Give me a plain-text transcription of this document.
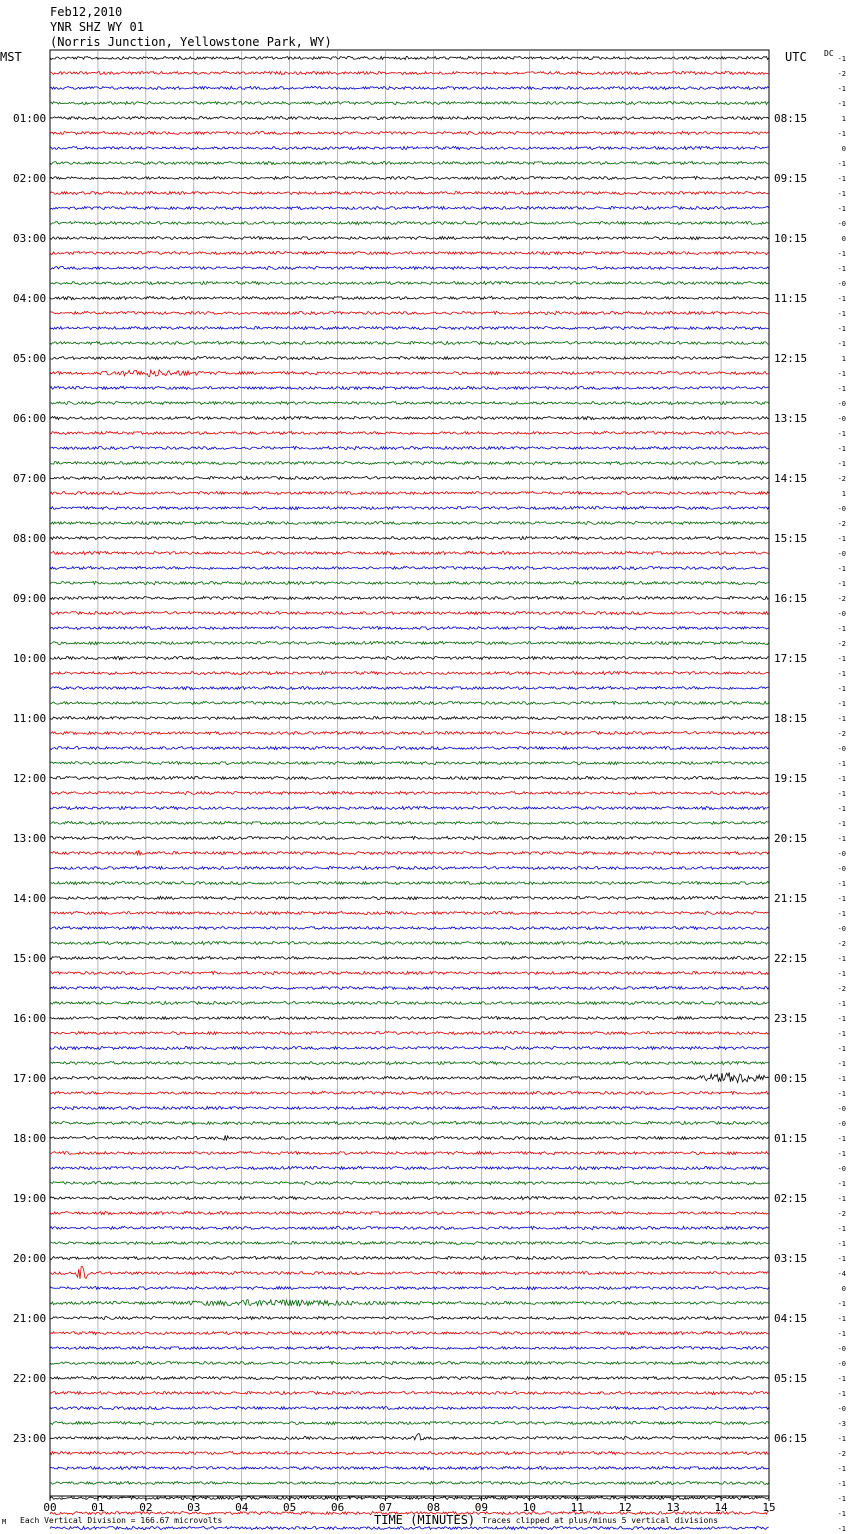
Feb12,2010
YNR SHZ WY 01
(Norris Junction, Yellowstone Park, WY)
MST	UTC DC
01:00
02:00
03:00
04:00
05:00
06:00
07:00
08:00
09:00
10:00
11:00
12:00
13:00
14:00
15:00
16:00
17:00
18:00
19:00
20:00
21:00
22:00
23:00
08:15
09:15
10:15
11:15
12:15
13:15
14:15
15:15
16:15
17:15
18:15
19:15
20:15
21:15
22:15
23:15
00:15
01:15
02:15
03:15
04:15
05:15
06:15
-1
-2
-1
-1
1
-1
0
-1
-1
-1
-1
-0
0
-1
-1
-0
-1
-1
-1
-1
1
-1
-1
-0
-0
-1
-1
-1
-2
1
-0
-2
-1
-0
-1
-1
-2
-0
-1
-2
-1
-1
-1
-1
-1
-2
-0
-1
-1
-1
-1
-1
-1
-0
-0
-1
-1
-1
-0
-2
-1
-1
-2
-1
-1
-1
-1
-1
-1
-1
-0
-0
-1
-1
-0
-1
-1
-2
-1
-1
-1
-4
0
-1
-1
-1
-0
-0
-1
-1
-0
-3
-1
-2
-1
-1
-1
-1
-1
00	01	02	03	04	05	06	07	08	09	10	11	12	13	14	15
M Each Vertical Division = 166.67 microvolts	TIME (MINUTES) Traces clipped at plus/minus 5 vertical divisions
